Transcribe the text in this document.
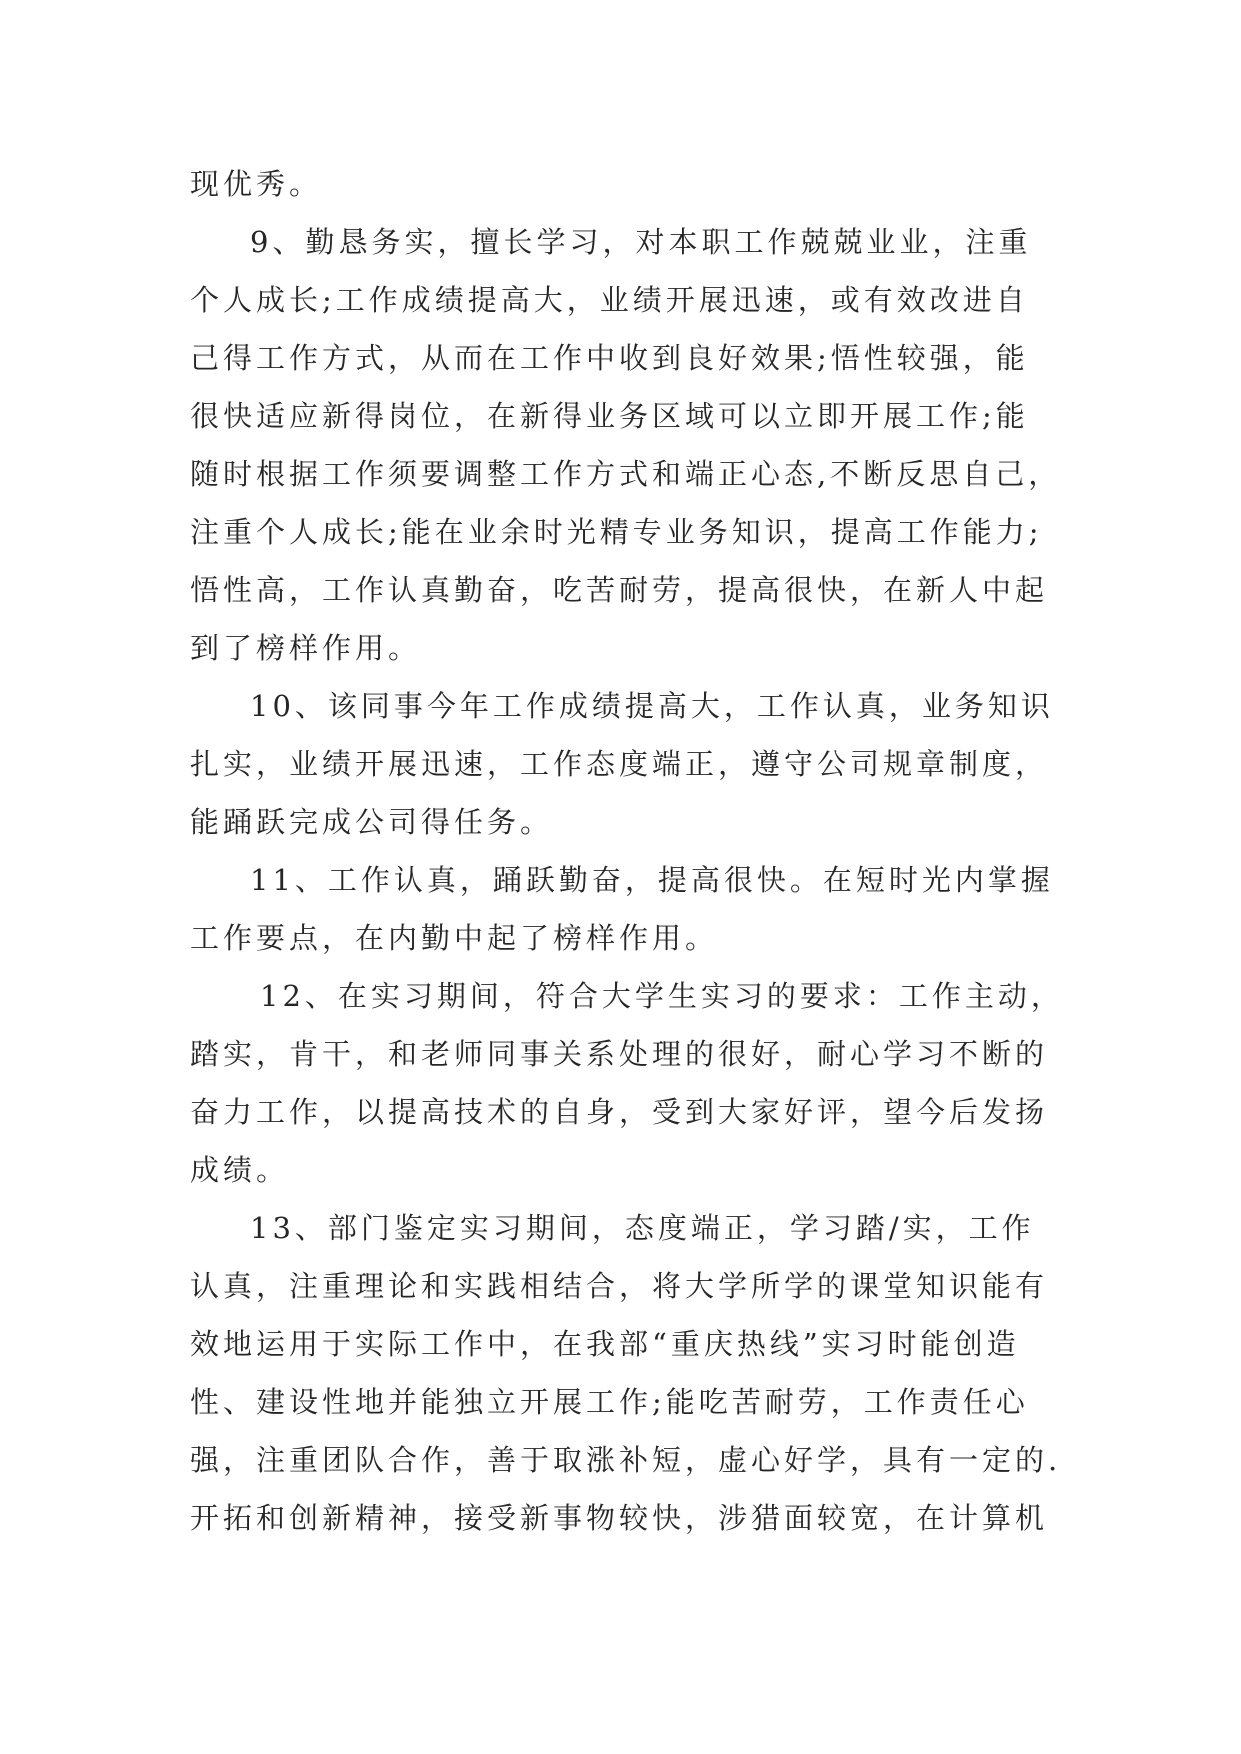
现优秀。
9、勤恳务实，擅长学习，对本职工作兢兢业业，注重
个人成长;工作成绩提高大，业绩开展迅速，或有效改进自
己得工作方式，从而在工作中收到良好效果;悟性较强，能
很快适应新得岗位，在新得业务区域可以立即开展工作;能
随时根据工作须要调整工作方式和端正心态,不断反思自己，
注重个人成长;能在业余时光精专业务知识，提高工作能力;
悟性高，工作认真勤奋，吃苦耐劳，提高很快，在新人中起
到了榜样作用。
10、该同事今年工作成绩提高大，工作认真，业务知识
扎实，业绩开展迅速，工作态度端正，遵守公司规章制度，
能踊跃完成公司得任务。
11、工作认真，踊跃勤奋，提高很快。在短时光内掌握
工作要点，在内勤中起了榜样作用。
12、在实习期间，符合大学生实习的要求：工作主动，
踏实，肯干，和老师同事关系处理的很好，耐心学习不断的
奋力工作，以提高技术的自身，受到大家好评，望今后发扬
成绩。
13、部门鉴定实习期间，态度端正，学习踏/实，工作
认真，注重理论和实践相结合，将大学所学的课堂知识能有
效地运用于实际工作中，在我部“重庆热线”实习时能创造
性、建设性地并能独立开展工作;能吃苦耐劳，工作责任心
强，注重团队合作，善于取涨补短，虚心好学，具有一定的.
开拓和创新精神，接受新事物较快，涉猎面较宽，在计算机
